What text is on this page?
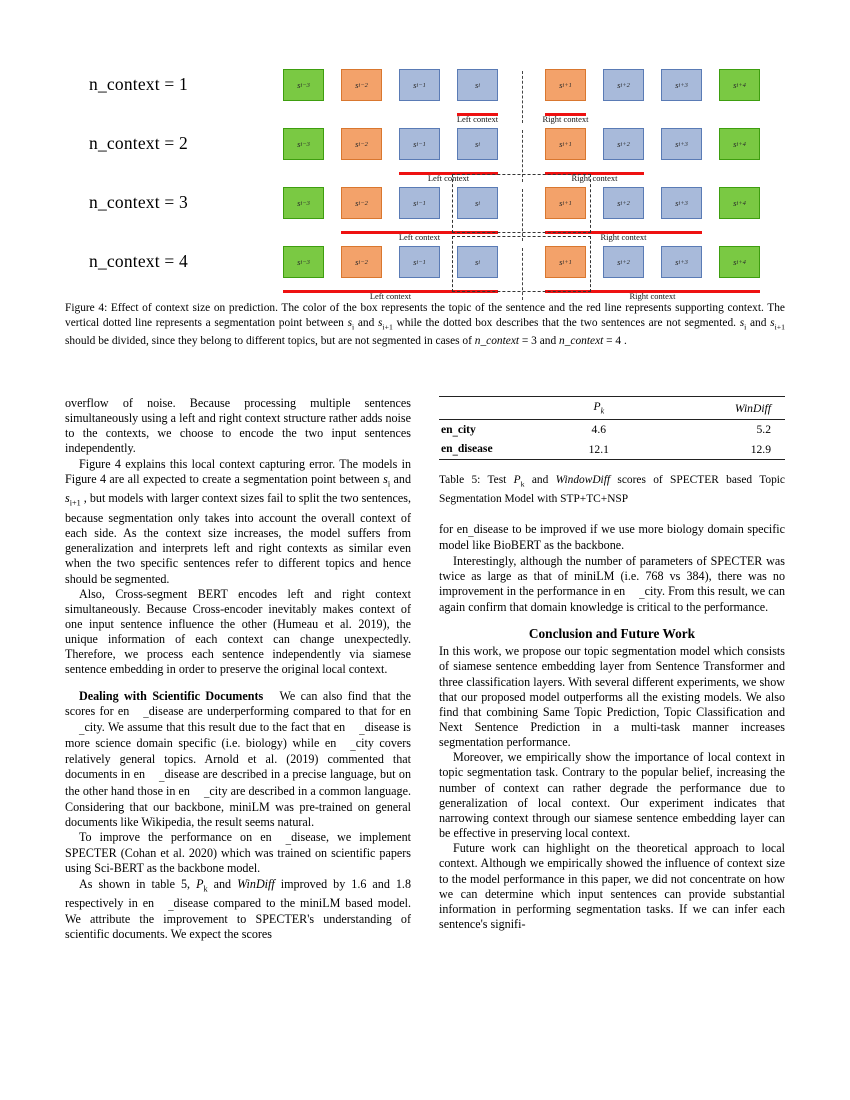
n_context = 1	s i−3	s i−2	s i−1	s i	s i+1	s i+2	s i+3	s i+4
Left context	Right context
n_context = 2	s i−3	s i−2	s i−1	s i	s i+1	s i+2	s i+3	s i+4
Left context	Right context
n_context = 3	s i−3	s i−2	s i−1	s i	s i+1	s i+2	s i+3	s i+4
Left context	Right context
n_context = 4	s i−3	s i−2	s i−1	s i	s i+1	s i+2	s i+3	s i+4
Left context	Right context
Figure 4: Effect of context size on prediction. The color of the box represents the topic of the sentence and the red line represents supporting context. The vertical dotted line represents a segmentation point between $s_i$ and $s_{i+1}$ while the dotted box describes that the two sentences are not segmented. $s_i$ and $s_{i+1}$ should be divided, since they belong to different topics, but are not segmented in cases of n_context = 3 and n_context = 4 .

overflow of noise. Because processing multiple sentences simultaneously using a left and right context structure rather adds noise to the contexts, we choose to encode the two input sentences independently.

Figure 4 explains this local context capturing error. The models in Figure 4 are all expected to create a segmentation point between $s_i$ and $s_{i+1}$ , but models with larger context sizes fail to split the two sentences, because segmentation only takes into account the overall context of each side. As the context size increases, the model suffers from generalization and interprets left and right contexts as similar even when the two specific sentences refer to different topics and hence should be segmented.

Also, Cross-segment BERT encodes left and right context simultaneously. Because Cross-encoder inevitably makes context of one input sentence influence the other (Humeau et al. 2019), the unique information of each context can change unexpectedly. Therefore, we process each sentence independently via siamese sentence embedding in order to preserve the original local context.

Dealing with Scientific Documents   We can also find that the scores for en _disease are underperforming compared to that for en_city. We assume that this result due to the fact that en _disease is more science domain specific (i.e. biology) while en _city covers relatively general topics. Arnold et al. (2019) commented that documents in en _disease are described in a precise language, but on the other hand those in en _city are described in a common language. Considering that our backbone, miniLM was pre-trained on general documents like Wikipedia, the result seems natural.

To improve the performance on en _disease, we implement SPECTER (Cohan et al. 2020) which was trained on scientific papers using Sci-BERT as the backbone model.

As shown in table 5, $P_k$ and WinDiff improved by 1.6 and 1.8 respectively in en _disease compared to the miniLM based model. We attribute the improvement to SPECTER's understanding of scientific documents. We expect the scores

	$P_k$	WinDiff
en_city	4.6	5.2
en_disease	12.1	12.9
Table 5: Test $P_k$ and WindowDiff scores of SPECTER based Topic Segmentation Model with STP+TC+NSP

for en_disease to be improved if we use more biology domain specific model like BioBERT as the backbone.

Interestingly, although the number of parameters of SPECTER was twice as large as that of miniLM (i.e. 768 vs 384), there was no improvement in the performance in en _city. From this result, we can again confirm that domain knowledge is critical to the performance.

Conclusion and Future Work

In this work, we propose our topic segmentation model which consists of siamese sentence embedding layer from Sentence Transformer and three classification layers. With several different experiments, we show that our proposed model outperforms all the existing models. We also find that combining Same Topic Prediction, Topic Classification and Next Sentence Prediction in a multi-task manner increases segmentation performance.

Moreover, we empirically show the importance of local context in topic segmentation task. Contrary to the popular belief, increasing the number of context can rather degrade the performance due to generalization of local context. Our experiment indicates that narrowing context through our siamese sentence embedding layer can be effective in preserving local context.

Future work can highlight on the theoretical approach to local context. Although we empirically showed the influence of context size to the model performance in this paper, we did not concentrate on how we can determine which input sentences can provide substantial information in performing segmentation tasks. If we can infer each sentence's signifi-
